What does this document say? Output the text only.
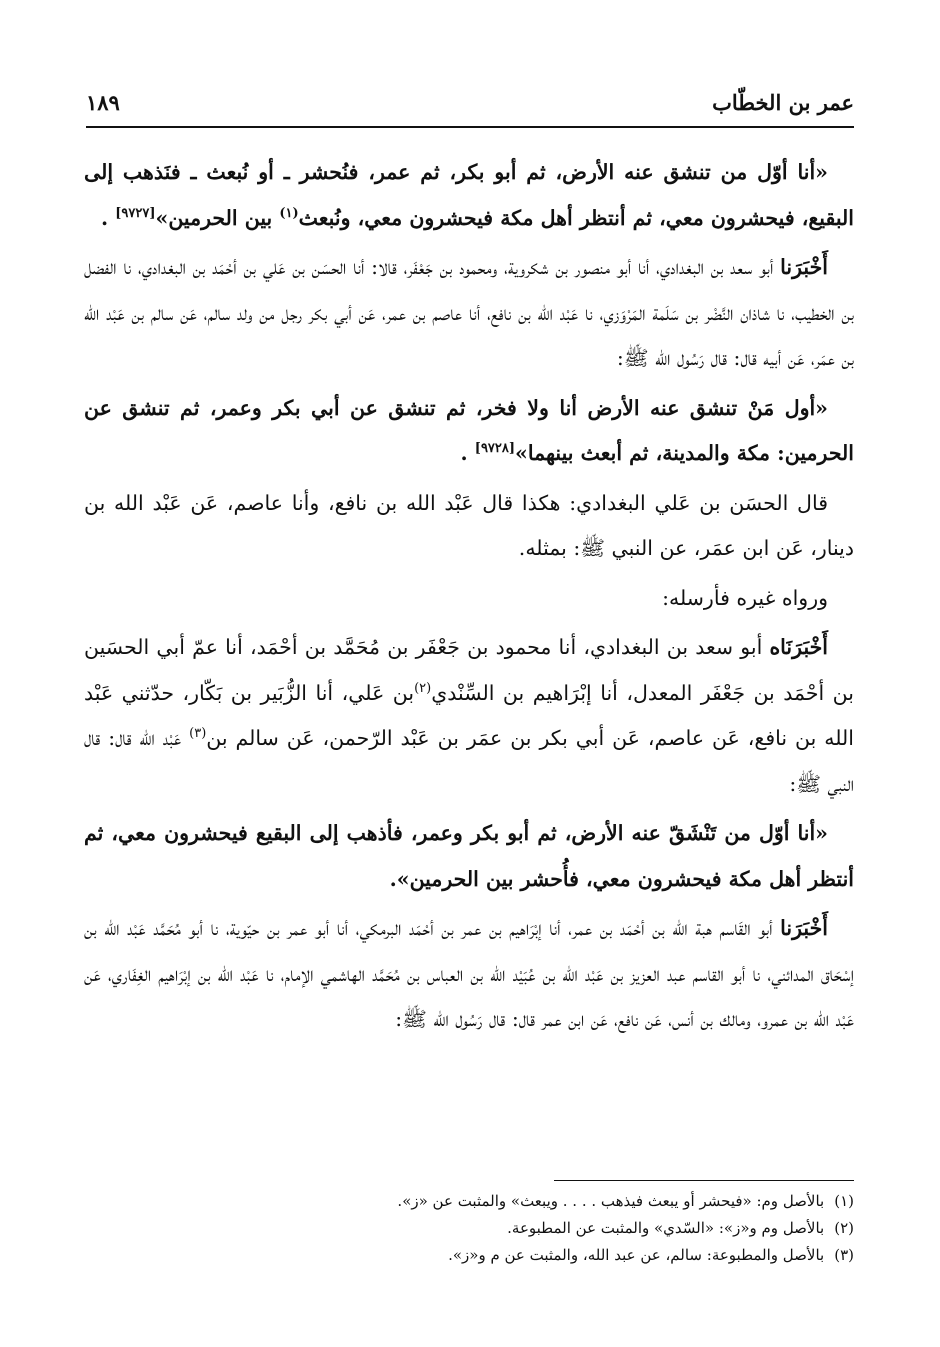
عمر بن الخطّاب
١٨٩

«أنا أوّل من تنشق عنه الأرض، ثم أبو بكر، ثم عمر، فنُحشر ـ أو نُبعث ـ فنَذهب إلى البقيع، فيحشرون معي، ثم أنتظر أهل مكة فيحشرون معي، ونُبعث$^{(١)}$ بين الحرمين»[٩٧٢٧] .

أَخْبَرَنا أبو سعد بن البغدادي، أنا أبو منصور بن شكروية، ومحمود بن جَعْفَر، قالا: أنا الحسَن بن عَلي بن أحْمَد بن البغدادي، نا الفضل بن الخطيب، نا شاذان النَّضْر بن سَلَمة المَرْوَزي، نا عَبْد الله بن نافع، أنا عاصم بن عمر، عَن أبي بكر رجل من ولد سالم، عَن سالم بن عَبْد الله بن عمَر، عَن أبيه قال: قال رَسُول الله ﷺ:

«أول مَنْ تنشق عنه الأرض أنا ولا فخر، ثم تنشق عن أبي بكر وعمر، ثم تنشق عن الحرمين: مكة والمدينة، ثم أبعث بينهما»[٩٧٢٨] .

قال الحسَن بن عَلي البغدادي: هكذا قال عَبْد الله بن نافع، وأنا عاصم، عَن عَبْد الله بن دينار، عَن ابن عمَر، عن النبي ﷺ: بمثله.

ورواه غيره فأرسله:

أَخْبَرَنَاه أبو سعد بن البغدادي، أنا محمود بن جَعْفَر بن مُحَمَّد بن أحْمَد، أنا عمّ أبي الحسَين بن أحْمَد بن جَعْفَر المعدل، أنا إبْرَاهيم بن السِّنْدي$^{(٢)}$بن عَلي، أنا الزُّبَير بن بَكّار، حدّثني عَبْد الله بن نافع، عَن عاصم، عَن أبي بكر بن عمَر بن عَبْد الرّحمن، عَن سالم بن$^{(٣)}$ عَبْد الله قال: قال النبي ﷺ:

«أنا أوّل من تَنْشَقّ عنه الأرض، ثم أبو بكر وعمر، فأذهب إلى البقيع فيحشرون معي، ثم أنتظر أهل مكة فيحشرون معي، فأُحشر بين الحرمين».

أَخْبَرَنا أبو القَاسم هبة اللّه بن أحْمَد بن عمر، أنا إبْرَاهيم بن عمر بن أحْمَد البرمكي، أنا أبو عمر بن حيّوية، نا أبو مُحَمَّد عَبْد الله بن إسْحَاق المدائني، نا أبو القاسم عبد العزيز بن عَبْد الله بن عُبَيْد الله بن العباس بن مُحَمَّد الهاشمي الإمام، نا عَبْد الله بن إبْرَاهيم الغِفَاري، عَن عَبْد الله بن عمرو، ومالك بن أنس، عَن نافع، عَن ابن عمر قال: قال رَسُول الله ﷺ:

(١)بالأصل وم: «فيحشر أو يبعث فيذهب . . . . ويبعث» والمثبت عن «ز».

(٢)بالأصل وم و«ز»: «السّدي» والمثبت عن المطبوعة.

(٣)بالأصل والمطبوعة: سالم، عن عبد الله، والمثبت عن م و«ز».
